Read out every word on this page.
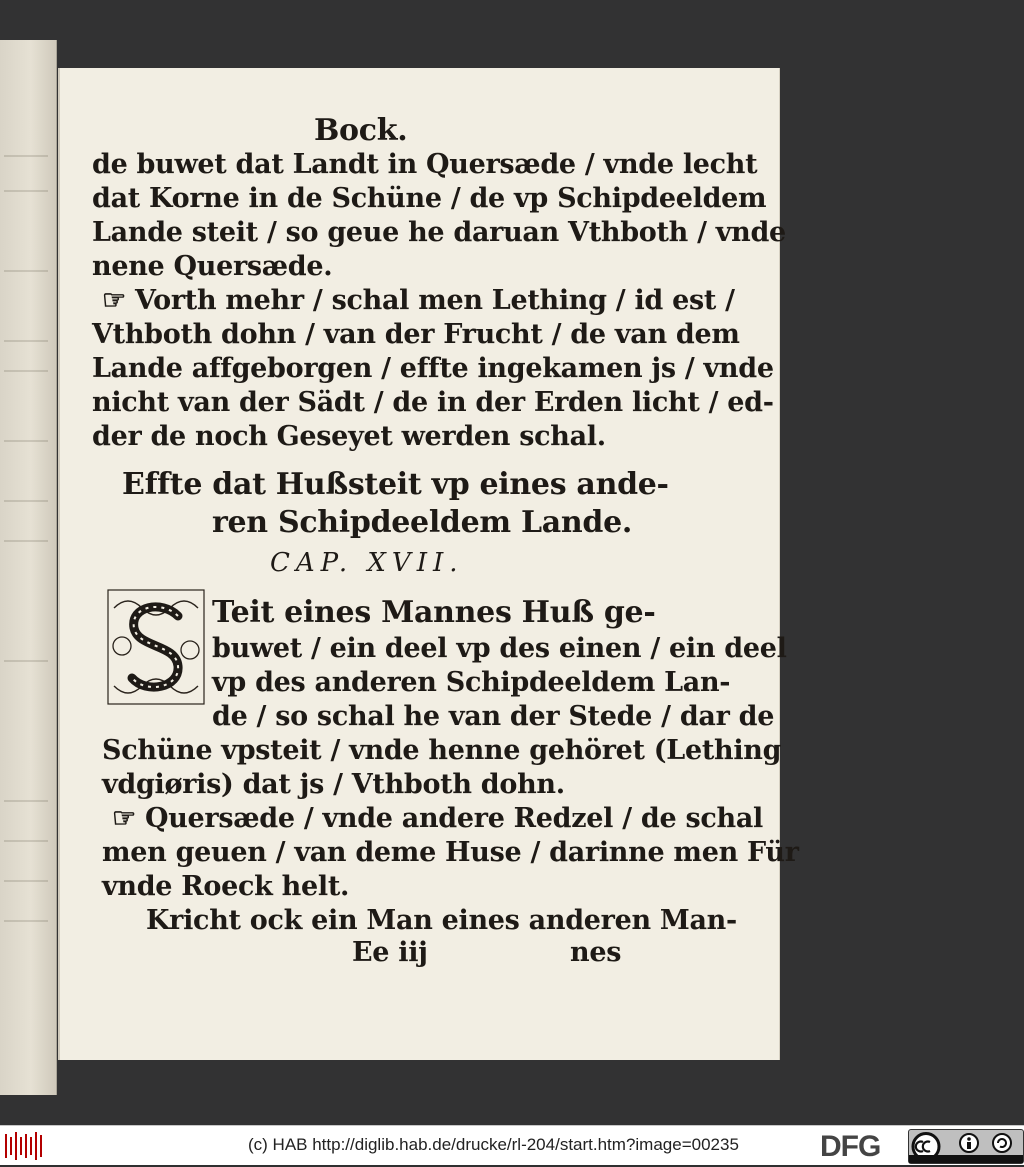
Bock.
de buwet dat Landt in Quersæde / vnde lecht
dat Korne in de Schüne / de vp Schipdeeldem
Lande steit / so geue he daruan Vthboth / vnde
nene Quersæde.
☞ Vorth mehr / schal men Lething / id est /
Vthboth dohn / van der Frucht / de van dem
Lande affgeborgen / effte ingekamen js / vnde
nicht van der Sädt / de in der Erden licht / ed-
der de noch Geseyet werden schal.
Effte dat Hußsteit vp eines ande-
ren Schipdeeldem Lande.
CAP. XVII.
Teit eines Mannes Huß ge-
buwet / ein deel vp des einen / ein deel
vp des anderen Schipdeeldem Lan-
de / so schal he van der Stede / dar de
Schüne vpsteit / vnde henne gehöret (Lething
vdgiøris) dat js / Vthboth dohn.
☞ Quersæde / vnde andere Redzel / de schal
men geuen / van deme Huse / darinne men Für
vnde Roeck helt.
Kricht ock ein Man eines anderen Man-
Ee iij	nes
(c) HAB http://diglib.hab.de/drucke/rl-204/start.htm?image=00235	DFG
